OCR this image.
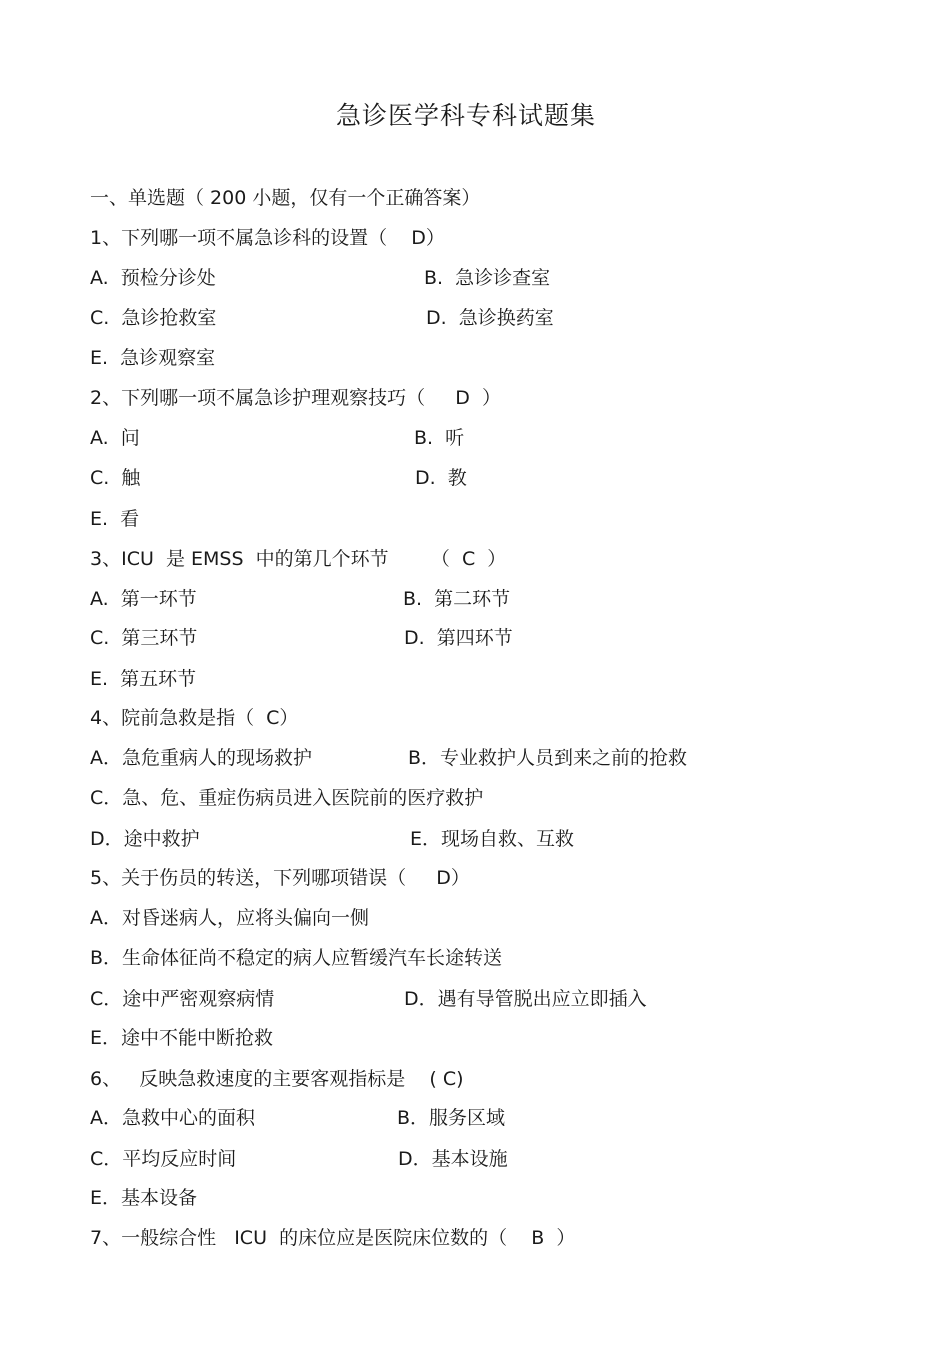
急诊医学科专科试题集
一、单选题（ 200 小题，仅有一个正确答案）
1、下列哪一项不属急诊科的设置（    D）
A.  预检分诊处	B.  急诊诊查室
C.  急诊抢救室	D.  急诊换药室
E.  急诊观察室
2、下列哪一项不属急诊护理观察技巧（     D  ）
A.  问	B.  听
C.  触	D.  教
E.  看
3、ICU  是 EMSS  中的第几个环节       （  C  ）
A.  第一环节	B.  第二环节
C.  第三环节	D.  第四环节
E.  第五环节
4、院前急救是指（  C）
A．急危重病人的现场救护	B．专业救护人员到来之前的抢救
C．急、危、重症伤病员进入医院前的医疗救护
D．途中救护	E．现场自救、互救
5、关于伤员的转送，下列哪项错误（     D）
A．对昏迷病人，应将头偏向一侧
B．生命体征尚不稳定的病人应暂缓汽车长途转送
C．途中严密观察病情	D．遇有导管脱出应立即插入
E．途中不能中断抢救
6、   反映急救速度的主要客观指标是    ( C)
A．急救中心的面积	B．服务区域
C．平均反应时间	D．基本设施
E．基本设备
7、一般综合性   ICU  的床位应是医院床位数的（    B  ）
